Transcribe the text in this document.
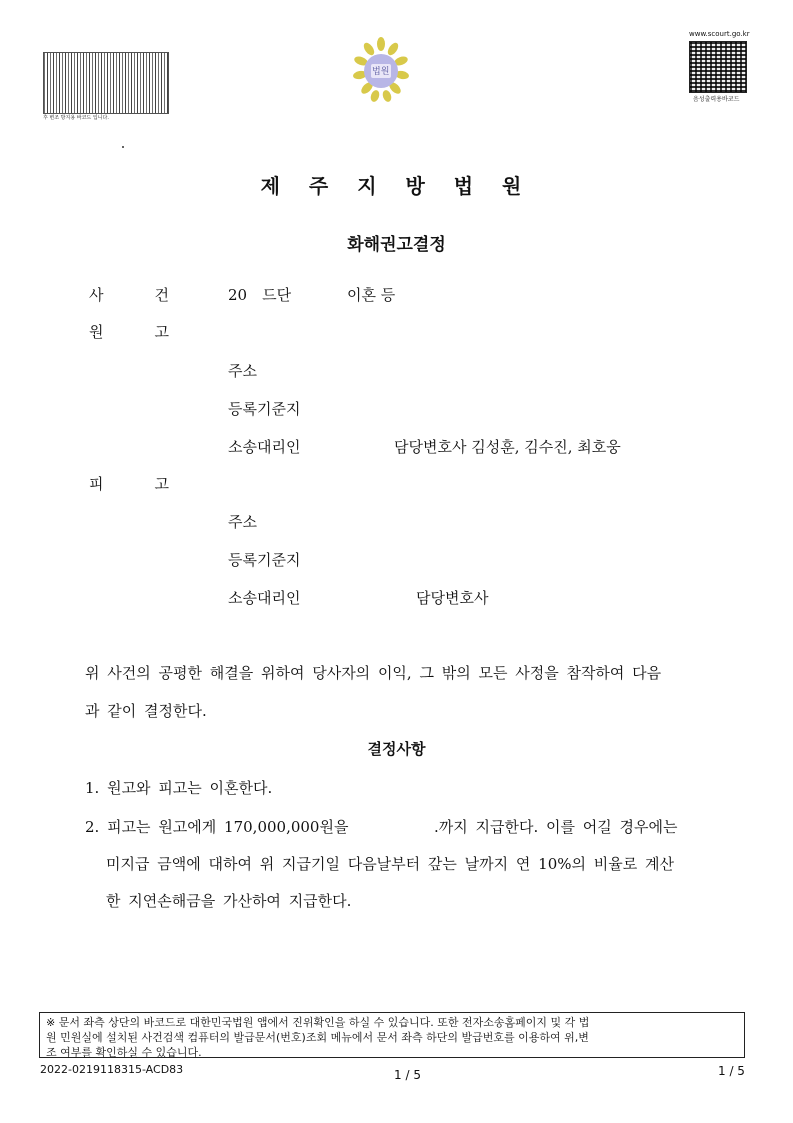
후 변조 방지용 바코드 입니다.
법원
www.scourt.go.kr
음성출력용바코드
제 주 지 방 법 원
화해권고결정
사	건	20　드단	이혼 등
원	고
주소
등록기준지
소송대리인	담당변호사 김성훈, 김수진, 최호웅
피	고
주소
등록기준지
소송대리인	담당변호사
위 사건의 공평한 해결을 위하여 당사자의 이익, 그 밖의 모든 사정을 참작하여 다음
과 같이 결정한다.
결정사항
1. 원고와 피고는 이혼한다.
2. 피고는 원고에게 170,000,000원을	.까지 지급한다. 이를 어길 경우에는
미지급 금액에 대하여 위 지급기일 다음날부터 갚는 날까지 연 10%의 비율로 계산
한 지연손해금을 가산하여 지급한다.
※ 문서 좌측 상단의 바코드로 대한민국법원 앱에서 진위확인을 하실 수 있습니다. 또한 전자소송홈페이지 및 각 법
원 민원실에 설치된 사건검색 컴퓨터의 발급문서(번호)조회 메뉴에서 문서 좌측 하단의 발급번호를 이용하여 위,변
조 여부를 확인하실 수 있습니다.
2022-0219118315-ACD83	1 / 5	1 / 5
